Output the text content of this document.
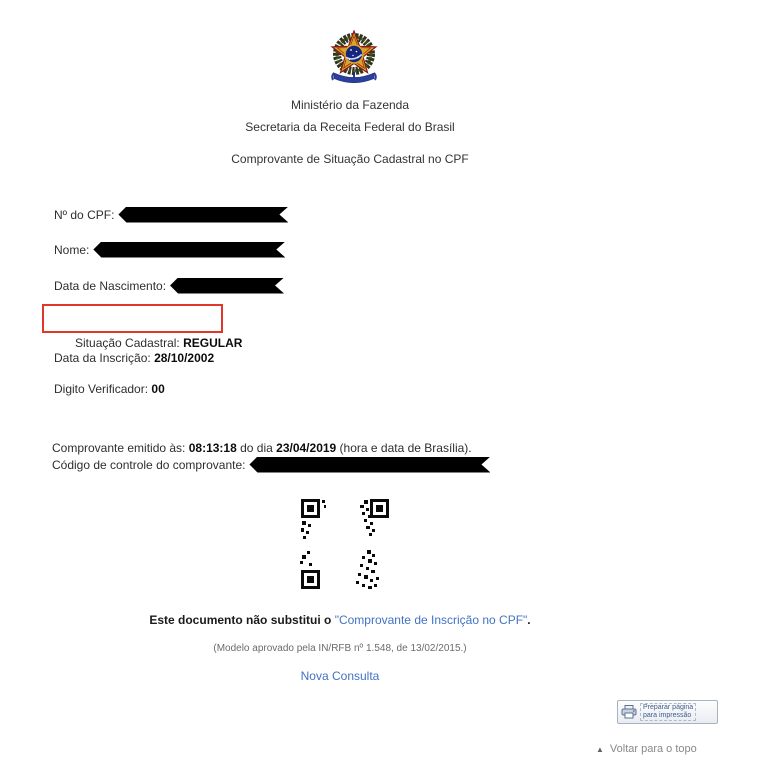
Ministério da Fazenda
Secretaria da Receita Federal do Brasil
Comprovante de Situação Cadastral no CPF
Nº do CPF:
Nome:
Data de Nascimento:

Situação Cadastral: REGULAR

Data da Inscrição: 28/10/2002
Digito Verificador: 00
Comprovante emitido às: 08:13:18 do dia 23/04/2019 (hora e data de Brasília).
Código de controle do comprovante:
Este documento não substitui o "Comprovante de Inscrição no CPF".
(Modelo aprovado pela IN/RFB nº 1.548, de 13/02/2015.)
Nova Consulta
Preparar página
para impressão
▲ Voltar para o topo
